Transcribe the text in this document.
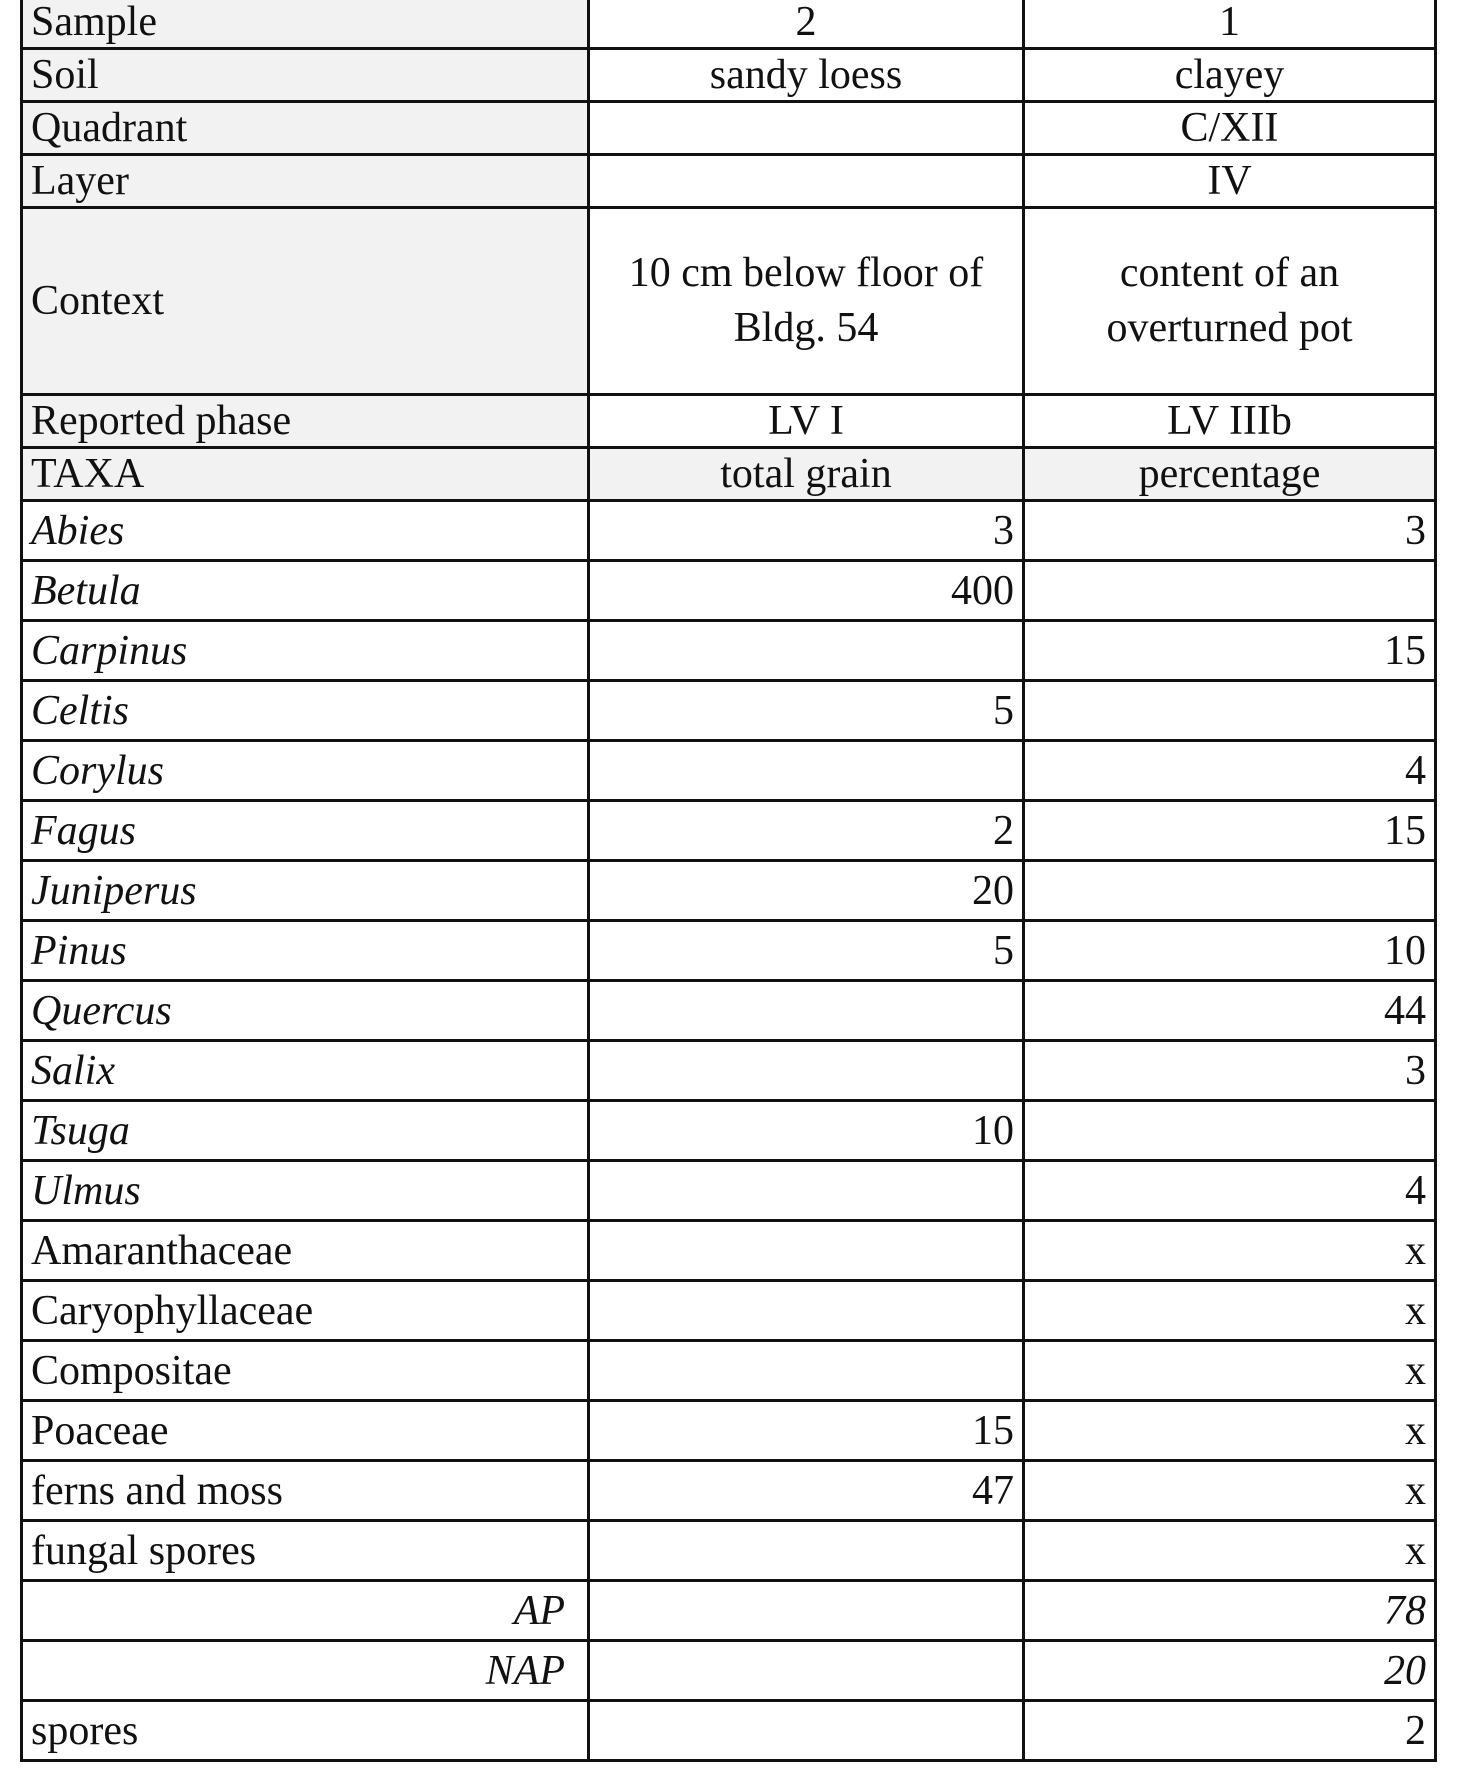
Sample	2	1
Soil	sandy loess	clayey
Quadrant		C/XII
Layer		IV
Context	10 cm below floor of Bldg. 54	content of an overturned pot
Reported phase	LV I	LV IIIb
TAXA	total grain	percentage
Abies	3	3
Betula	400	
Carpinus		15
Celtis	5	
Corylus		4
Fagus	2	15
Juniperus	20	
Pinus	5	10
Quercus		44
Salix		3
Tsuga	10	
Ulmus		4
Amaranthaceae		x
Caryophyllaceae		x
Compositae		x
Poaceae	15	x
ferns and moss	47	x
fungal spores		x
AP		78
NAP		20
spores		2
